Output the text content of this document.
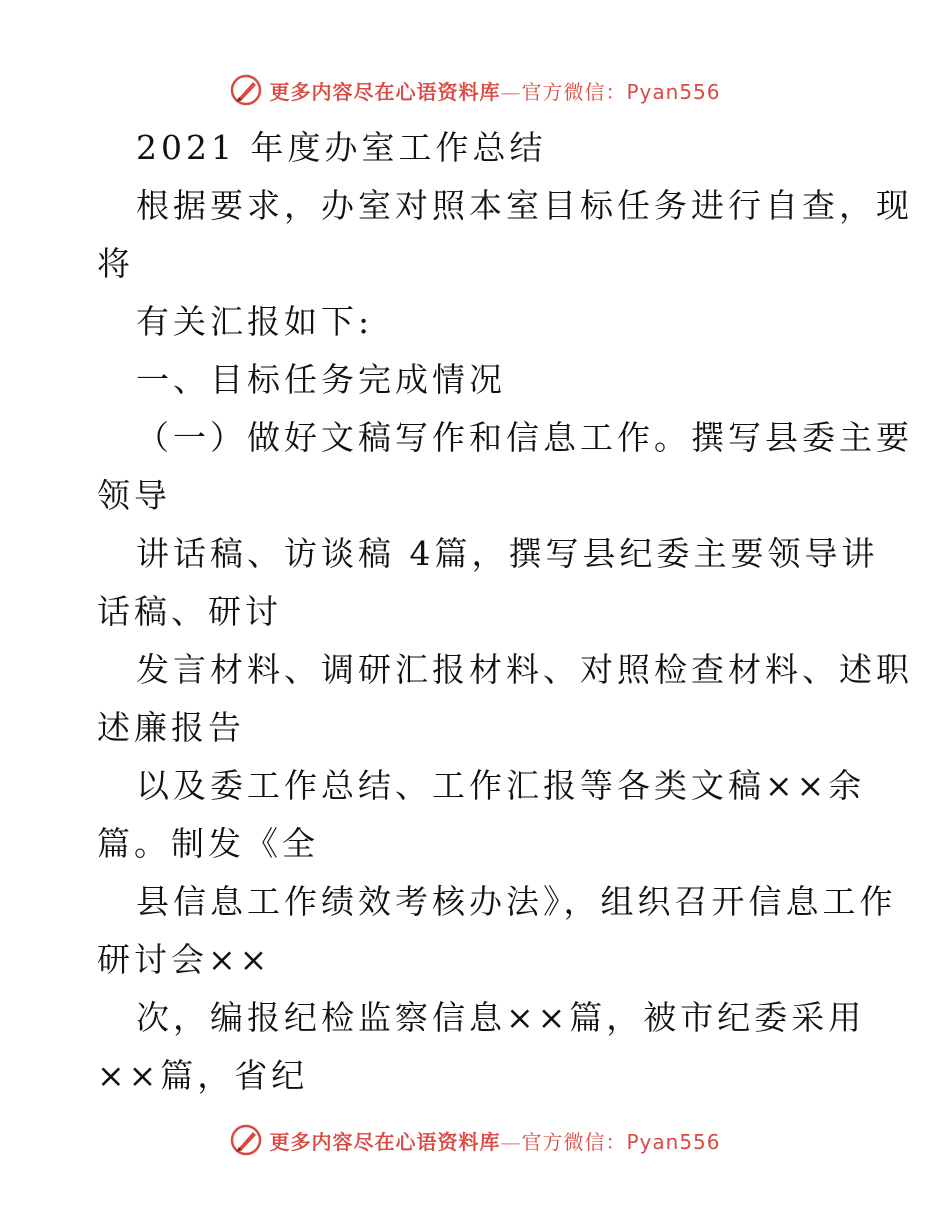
更多内容尽在心语资料库—官方微信：Pyan556
2021 年度办室工作总结
根据要求，办室对照本室目标任务进行自查，现
将
有关汇报如下:
一、目标任务完成情况
（一）做好文稿写作和信息工作。撰写县委主要
领导
讲话稿、访谈稿 4篇，撰写县纪委主要领导讲
话稿、研讨
发言材料、调研汇报材料、对照检查材料、述职
述廉报告
以及委工作总结、工作汇报等各类文稿××余
篇。制发《全
县信息工作绩效考核办法》，组织召开信息工作
研讨会××
次，编报纪检监察信息××篇，被市纪委采用
××篇，省纪
更多内容尽在心语资料库—官方微信：Pyan556
